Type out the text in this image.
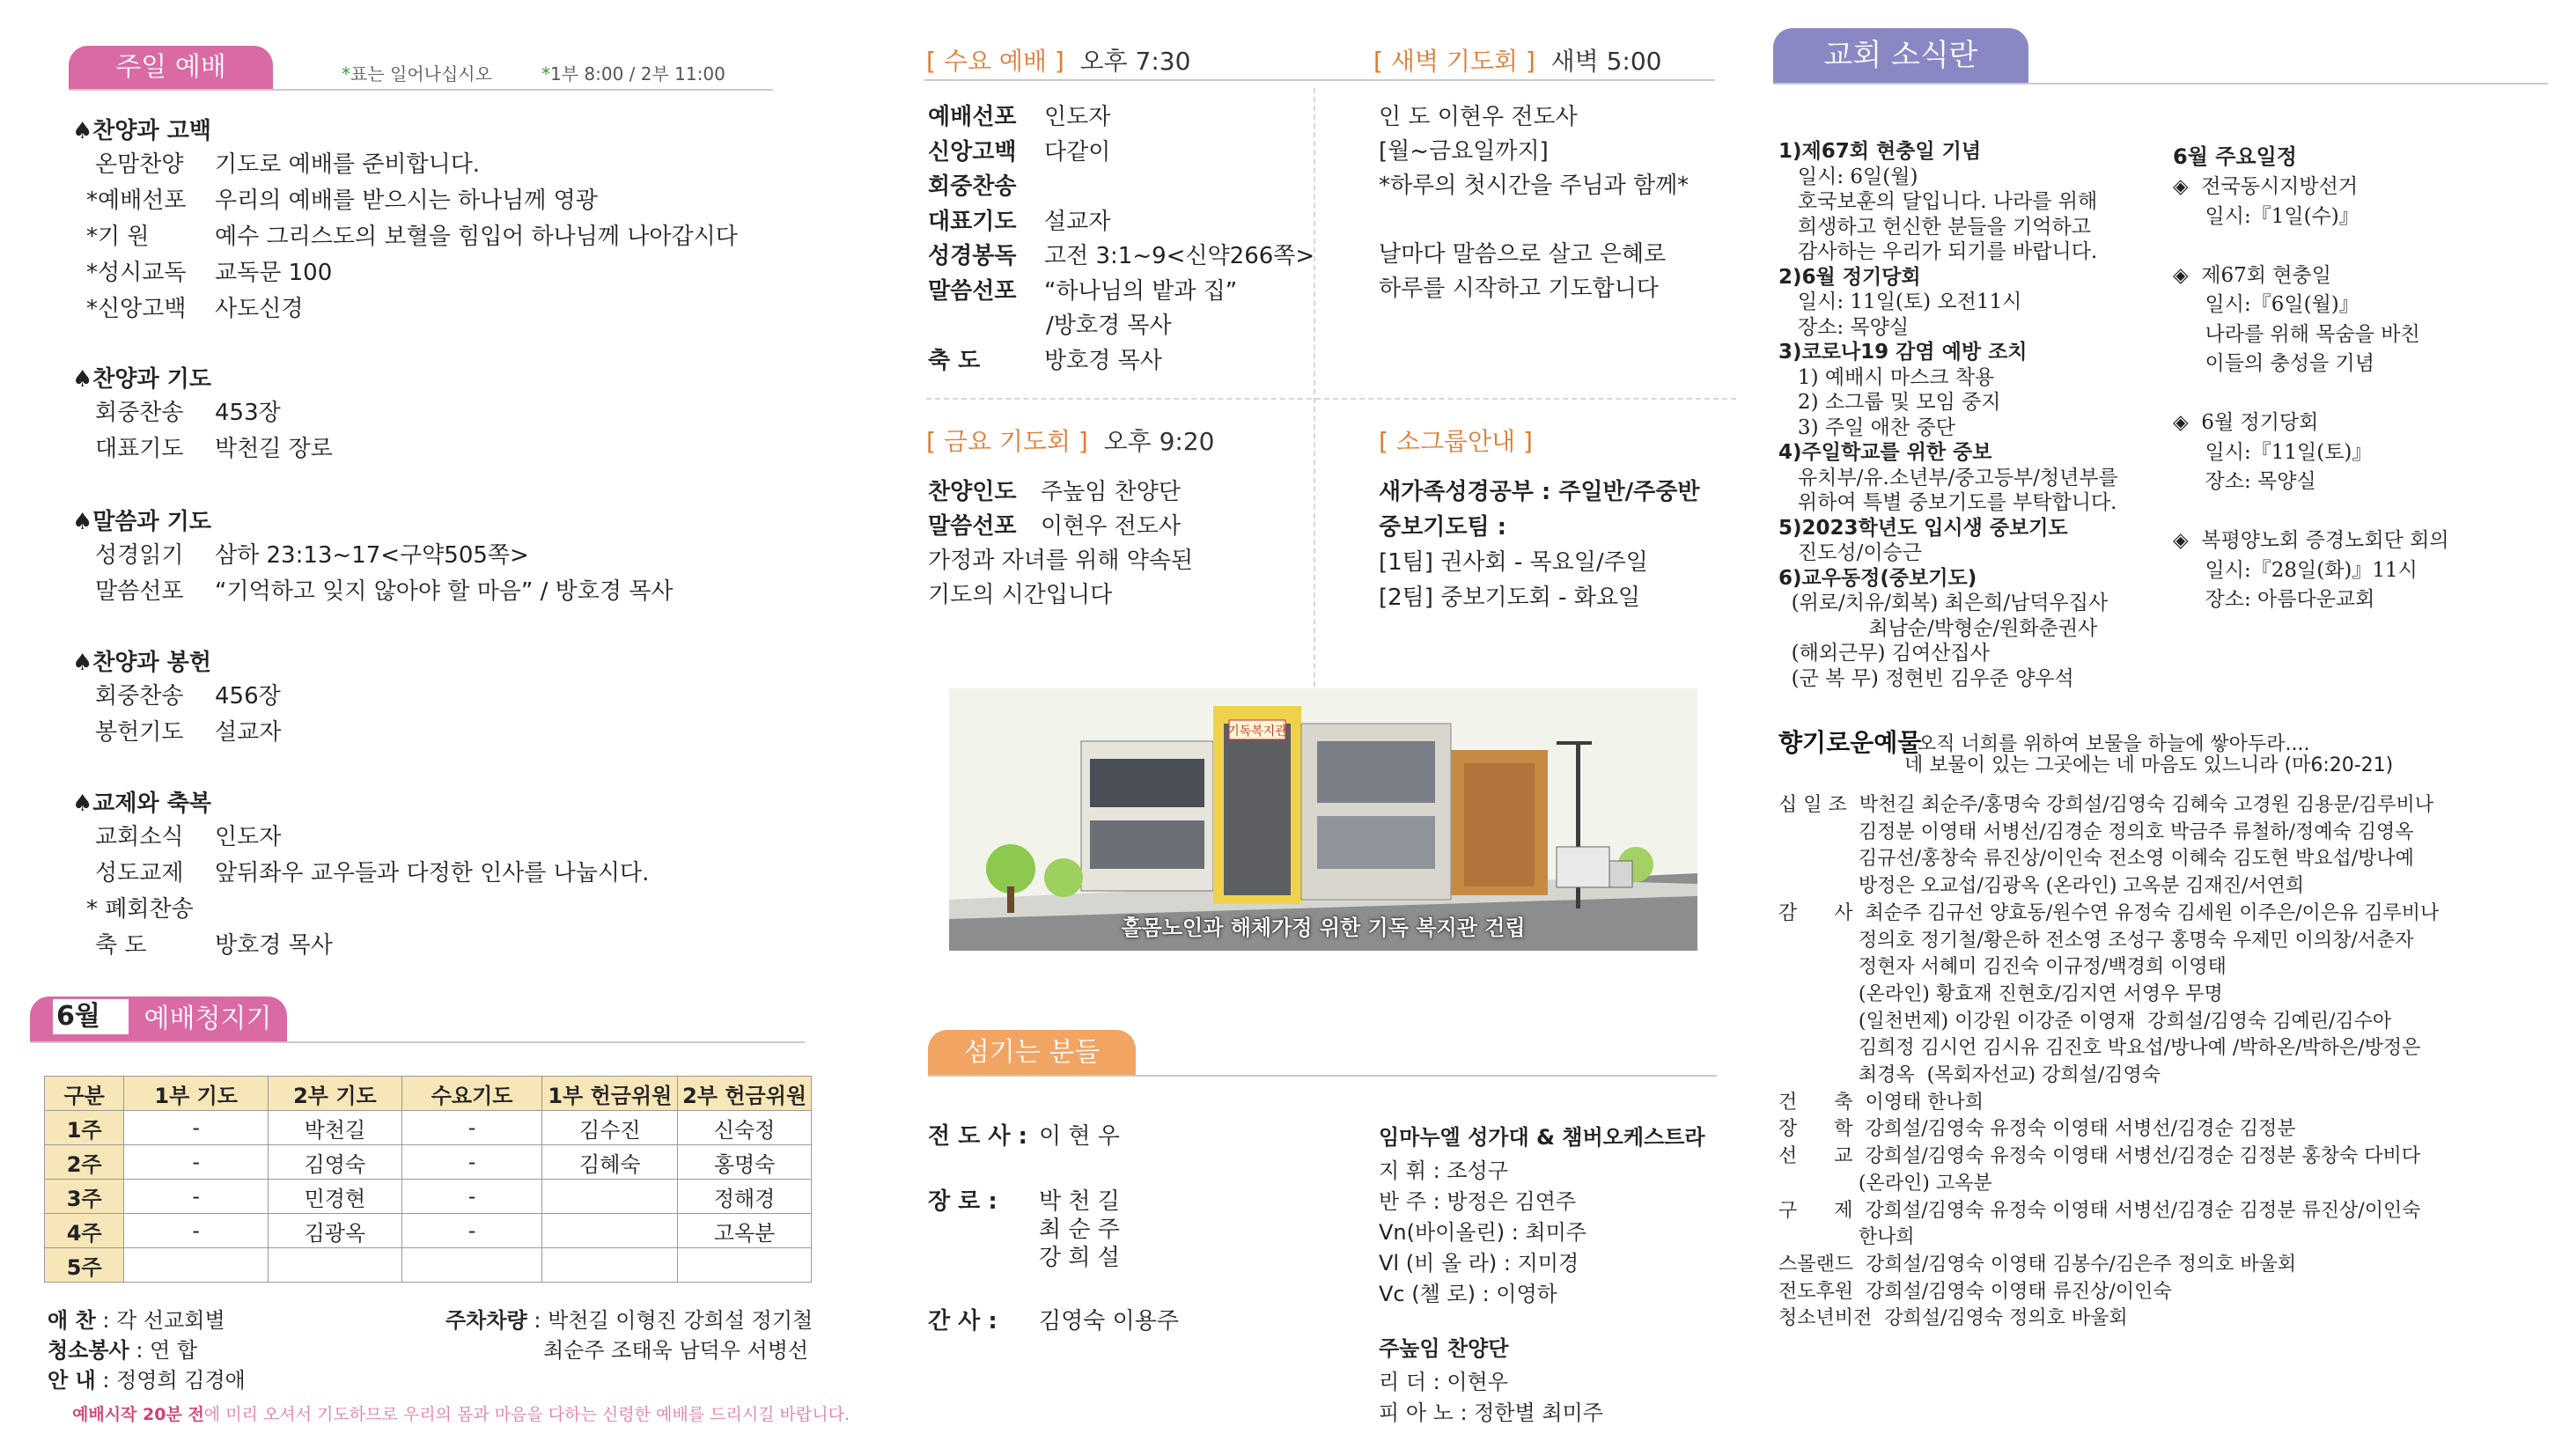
주일 예배	*표는 일어나십시오	*1부 8:00 / 2부 11:00
♠찬양과 고백
온맘찬양 기도로 예배를 준비합니다.
*예배선포 우리의 예배를 받으시는 하나님께 영광
*기 원	예수 그리스도의 보혈을 힘입어 하나님께 나아갑시다
*성시교독 교독문 100
*신앙고백 사도신경
♠찬양과 기도
회중찬송 453장
대표기도 박천길 장로
♠말씀과 기도
성경읽기 삼하 23:13~17<구약505쪽>
말씀선포 “기억하고 잊지 않아야 할 마음” / 방호경 목사
♠찬양과 봉헌
회중찬송 456장
봉헌기도 설교자
♠교제와 축복
교회소식 인도자
성도교제 앞뒤좌우 교우들과 다정한 인사를 나눕시다.
* 폐회찬송
축 도	방호경 목사
6월	예배청지기
구분	1부 기도	2부 기도	수요기도	1부 헌금위원	2부 헌금위원
1주	-	박천길	-	김수진	신숙정
2주	-	김영숙	-	김혜숙	홍명숙
3주	-	민경현	-		정해경
4주	-	김광옥	-		고옥분
5주					
애 찬 : 각 선교회별
청소봉사 : 연 합
안 내 : 정영희 김경애
주차차량 : 박천길 이형진 강희설 정기철
최순주 조태욱 남덕우 서병선
예배시작 20분 전에 미리 오셔서 기도하므로 우리의 몸과 마음을 다하는 신령한 예배를 드리시길 바랍니다.
[ 수요 예배 ] 오후 7:30	[ 새벽 기도회 ] 새벽 5:00
예배선포 인도자
신앙고백 다같이
회중찬송
대표기도 설교자
성경봉독 고전 3:1~9<신약266쪽>
말씀선포 “하나님의 밭과 집”
/방호경 목사
축 도	방호경 목사
인 도 이현우 전도사
[월~금요일까지]
*하루의 첫시간을 주님과 함께*
날마다 말씀으로 살고 은혜로
하루를 시작하고 기도합니다
[ 금요 기도회 ] 오후 9:20	[ 소그룹안내 ]
찬양인도 주높임 찬양단
말씀선포 이현우 전도사
가정과 자녀를 위해 약속된
기도의 시간입니다
새가족성경공부 : 주일반/주중반
중보기도팀 :
[1팀] 권사회 - 목요일/주일
[2팀] 중보기도회 - 화요일
기독복지관
홀몸노인과 해체가정 위한 기독 복지관 건립
섬기는 분들
전 도 사 : 이 현 우
장 로 : 박 천 길
최 순 주
강 희 설
간 사 : 김영숙 이용주
임마누엘 성가대 & 챔버오케스트라
지 휘 : 조성구
반 주 : 방정은 김연주
Vn(바이올린) : 최미주
Vl (비 올 라) : 지미경
Vc (첼 로) : 이영하
주높임 찬양단
리 더 : 이현우
피 아 노 : 정한별 최미주
교회 소식란
1)제67회 현충일 기념
일시: 6일(월)
호국보훈의 달입니다. 나라를 위해
희생하고 헌신한 분들을 기억하고
감사하는 우리가 되기를 바랍니다.
2)6월 정기당회
일시: 11일(토) 오전11시
장소: 목양실
3)코로나19 감염 예방 조치
1) 예배시 마스크 착용
2) 소그룹 및 모임 중지
3) 주일 애찬 중단
4)주일학교를 위한 중보
유치부/유.소년부/중고등부/청년부를
위하여 특별 중보기도를 부탁합니다.
5)2023학년도 입시생 중보기도
진도성/이승근
6)교우동정(중보기도)
(위로/치유/회복) 최은희/남덕우집사
최남순/박형순/원화춘권사
(해외근무) 김여산집사
(군 복 무) 정현빈 김우준 양우석
6월 주요일정
◈  전국동시지방선거
일시:『1일(수)』

◈  제67회 현충일
일시:『6일(월)』
나라를 위해 목숨을 바친
이들의 충성을 기념

◈  6월 정기당회
일시:『11일(토)』
장소: 목양실

◈  복평양노회 증경노회단 회의
일시:『28일(화)』11시
장소: 아름다운교회
향기로운예물
오직 너희를 위하여 보물을 하늘에 쌓아두라....
네 보물이 있는 그곳에는 네 마음도 있느니라 (마6:20-21)
십 일 조  박천길 최순주/홍명숙 강희설/김영숙 김혜숙 고경원 김용문/김루비나
김정분 이영태 서병선/김경순 정의호 박금주 류철하/정예숙 김영옥
김규선/홍창숙 류진상/이인숙 전소영 이혜숙 김도현 박요섭/방나예
방정은 오교섭/김광옥 (온라인) 고옥분 김재진/서연희
감      사  최순주 김규선 양효동/원수연 유정숙 김세원 이주은/이은유 김루비나
정의호 정기철/황은하 전소영 조성구 홍명숙 우제민 이의창/서춘자
정현자 서혜미 김진숙 이규정/백경희 이영태
(온라인) 황효재 진현호/김지연 서영우 무명
(일천번제) 이강원 이강준 이영재  강희설/김영숙 김예린/김수아
김희정 김시언 김시유 김진호 박요섭/방나예 /박하온/박하은/방정은
최경옥  (목회자선교) 강희설/김영숙
건      축  이영태 한나희
장      학  강희설/김영숙 유정숙 이영태 서병선/김경순 김정분
선      교  강희설/김영숙 유정숙 이영태 서병선/김경순 김정분 홍창숙 다비다
(온라인) 고옥분
구      제  강희설/김영숙 유정숙 이영태 서병선/김경순 김정분 류진상/이인숙
한나희
스몰랜드  강희설/김영숙 이영태 김봉수/김은주 정의호 바울회
전도후원  강희설/김영숙 이영태 류진상/이인숙
청소년비전  강희설/김영숙 정의호 바울회
